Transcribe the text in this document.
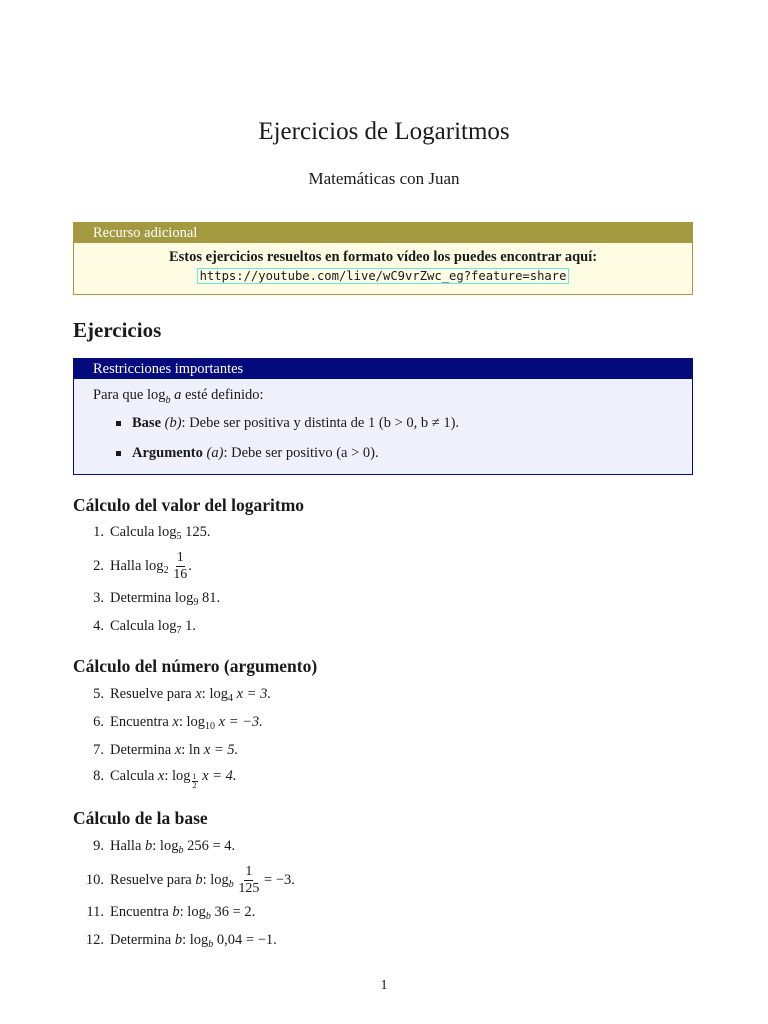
Ejercicios de Logaritmos
Matemáticas con Juan
Recurso adicional
Estos ejercicios resueltos en formato vídeo los puedes encontrar aquí:
https://youtube.com/live/wC9vrZwc_eg?feature=share
Ejercicios
Restricciones importantes
Para que $\log_b a$ esté definido:
Base (b): Debe ser positiva y distinta de 1 (b > 0, b ≠ 1).
Argumento (a): Debe ser positivo (a > 0).
Cálculo del valor del logaritmo
1. Calcula log 5
125.
2. Halla log 2
$\frac{1}{16}$ .
3. Determina log 9
81.
4. Calcula log 7
1.
Cálculo del número (argumento)
5. Resuelve para
x : log 4
x = 3.
6. Encuentra
x : log 10
x = −3.
7. Determina
x : ln
x = 5.
8. Calcula
x : $\log \frac{1}{2}$
x = 4.
Cálculo de la base
9. Halla
b : log b
256 = 4.
10. Resuelve para
b : log b
$\frac{1}{125}$
= −3.
11. Encuentra
b : log b
36 = 2.
12. Determina
b : log b
0,04 = −1.
1
